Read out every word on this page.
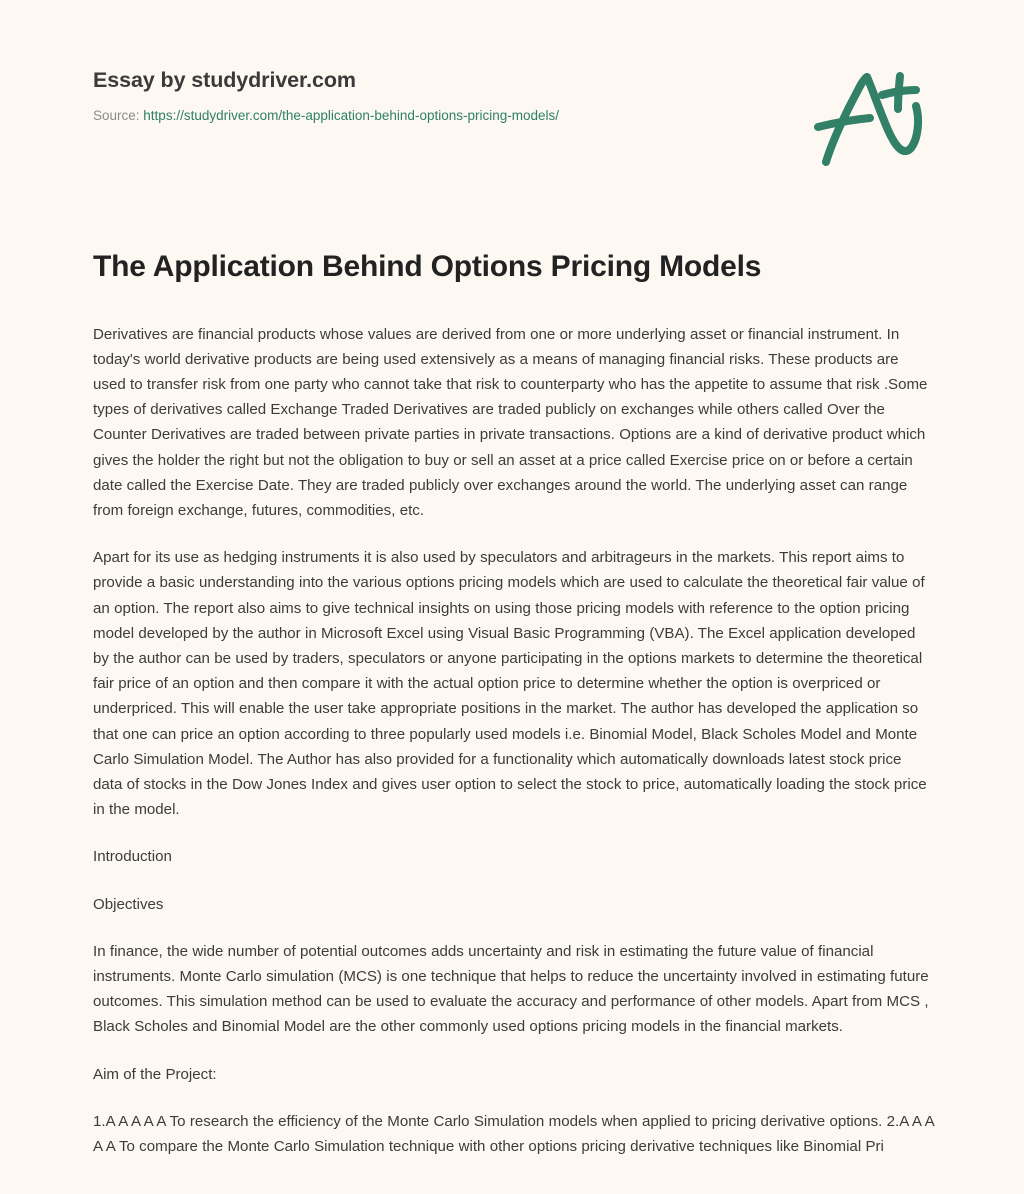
Essay by studydriver.com
Source: https://studydriver.com/the-application-behind-options-pricing-models/
The Application Behind Options Pricing Models

Derivatives are financial products whose values are derived from one or more underlying asset or financial instrument. In today's world derivative products are being used extensively as a means of managing financial risks. These products are used to transfer risk from one party who cannot take that risk to counterparty who has the appetite to assume that risk .Some types of derivatives called Exchange Traded Derivatives are traded publicly on exchanges while others called Over the Counter Derivatives are traded between private parties in private transactions. Options are a kind of derivative product which gives the holder the right but not the obligation to buy or sell an asset at a price called Exercise price on or before a certain date called the Exercise Date. They are traded publicly over exchanges around the world. The underlying asset can range from foreign exchange, futures, commodities, etc.

Apart for its use as hedging instruments it is also used by speculators and arbitrageurs in the markets. This report aims to provide a basic understanding into the various options pricing models which are used to calculate the theoretical fair value of an option. The report also aims to give technical insights on using those pricing models with reference to the option pricing model developed by the author in Microsoft Excel using Visual Basic Programming (VBA). The Excel application developed by the author can be used by traders, speculators or anyone participating in the options markets to determine the theoretical fair price of an option and then compare it with the actual option price to determine whether the option is overpriced or underpriced. This will enable the user take appropriate positions in the market. The author has developed the application so that one can price an option according to three popularly used models i.e. Binomial Model, Black Scholes Model and Monte Carlo Simulation Model. The Author has also provided for a functionality which automatically downloads latest stock price data of stocks in the Dow Jones Index and gives user option to select the stock to price, automatically loading the stock price in the model.

Introduction

Objectives

In finance, the wide number of potential outcomes adds uncertainty and risk in estimating the future value of financial instruments. Monte Carlo simulation (MCS) is one technique that helps to reduce the uncertainty involved in estimating future outcomes. This simulation method can be used to evaluate the accuracy and performance of other models. Apart from MCS , Black Scholes and Binomial Model are the other commonly used options pricing models in the financial markets.

Aim of the Project:

1.A A A A A To research the efficiency of the Monte Carlo Simulation models when applied to pricing derivative options. 2.A A A A A To compare the Monte Carlo Simulation technique with other options pricing derivative techniques like Binomial Pri
